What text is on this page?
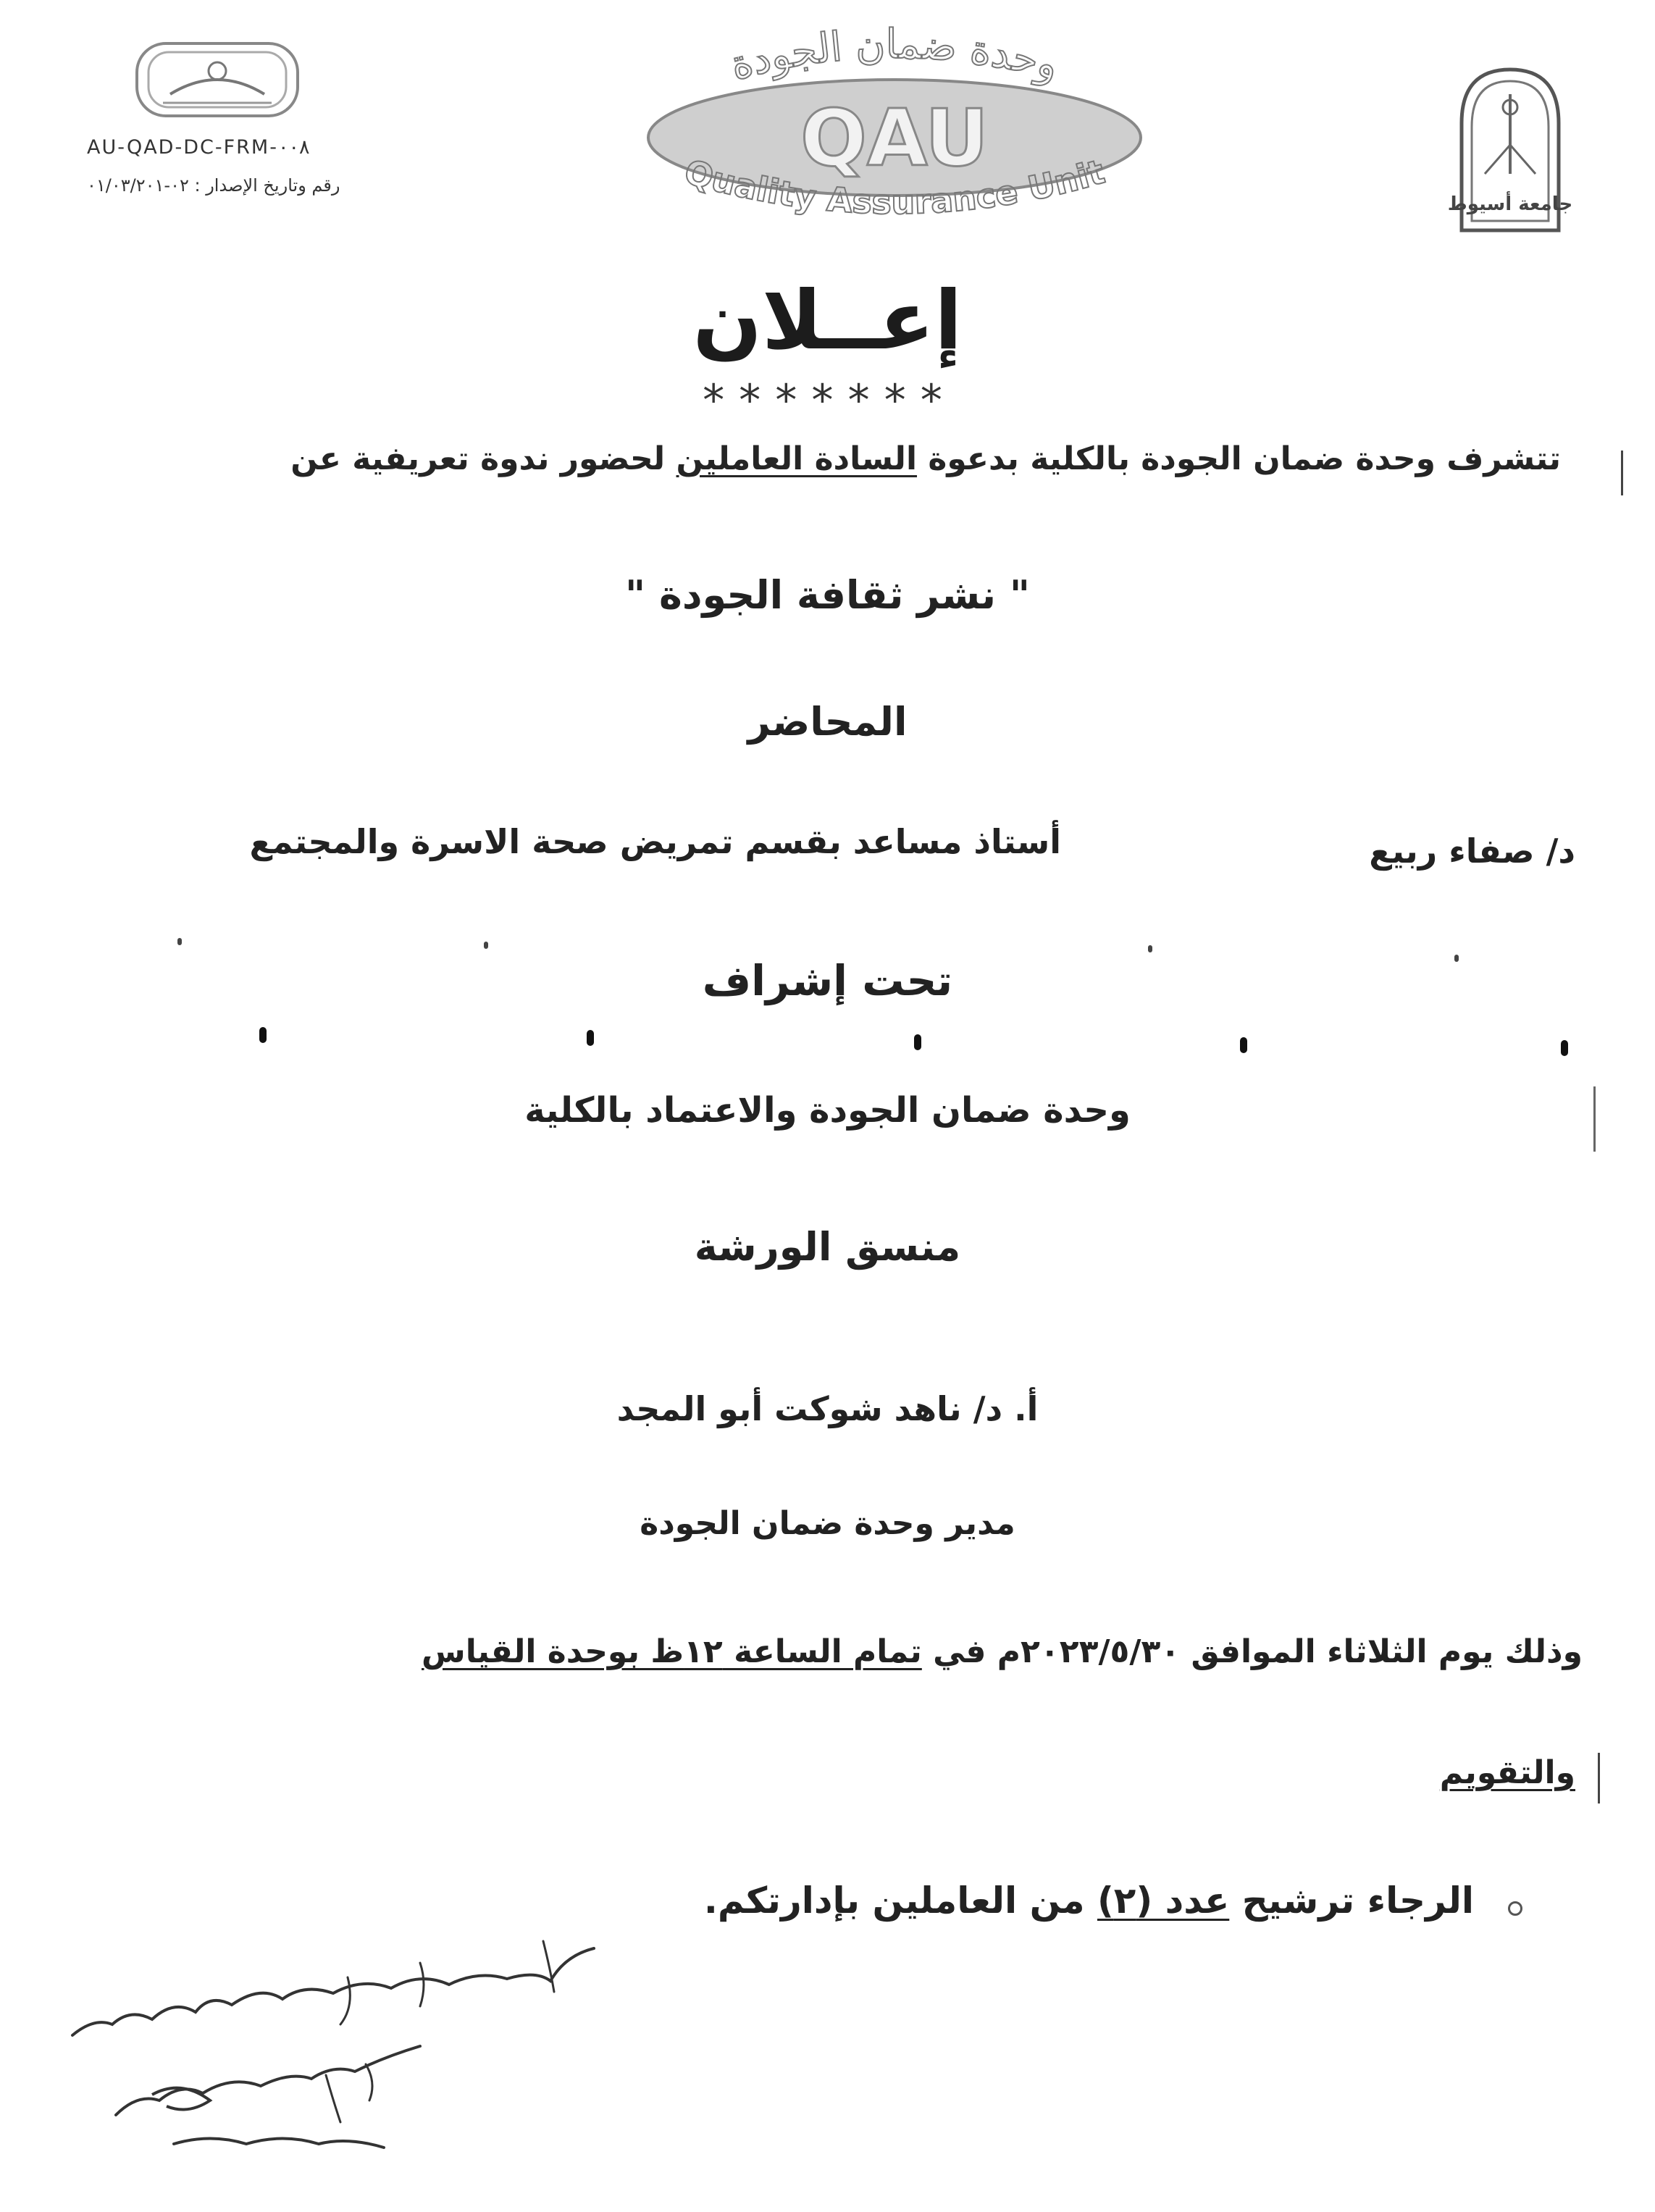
AU-QAD-DC-FRM-٠٠٨
رقم وتاريخ الإصدار : ٠٢-٠١/٠٣/٢٠١
وحدة ضمان الجودة
QAU
Quality Assurance Unit
جامعة أسيوط
إعــلان
*******
تتشرف وحدة ضمان الجودة بالكلية بدعوة السادة العاملين لحضور ندوة تعريفية عن
" نشر ثقافة الجودة "
المحاضر
د/ صفاء ربيع
أستاذ مساعد بقسم تمريض صحة الاسرة والمجتمع
تحت إشراف
وحدة ضمان الجودة والاعتماد بالكلية
منسق الورشة
أ. د/ ناهد شوكت أبو المجد
مدير وحدة ضمان الجودة
وذلك يوم الثلاثاء الموافق ٢٠٢٣/٥/٣٠م في تمام الساعة ١٢ظ بوحدة القياس
والتقويم
الرجاء ترشيح عدد (٢) من العاملين بإدارتكم.
